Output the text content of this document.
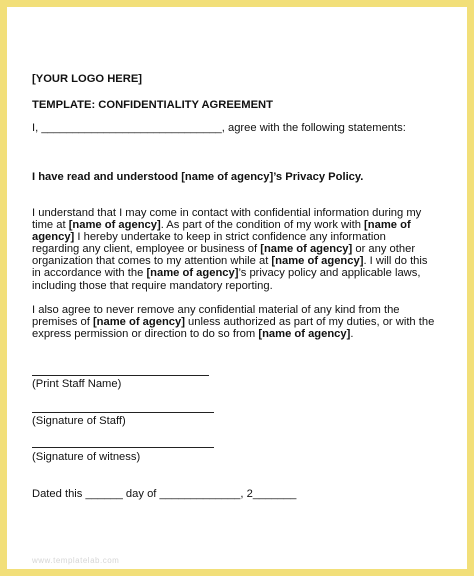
[YOUR LOGO HERE]
TEMPLATE: CONFIDENTIALITY AGREEMENT
I, _____________________________, agree with the following statements:
I have read and understood [name of agency]’s Privacy Policy.
I understand that I may come in contact with confidential information during my
time at [name of agency]. As part of the condition of my work with [name of
agency] I hereby undertake to keep in strict confidence any information
regarding any client, employee or business of [name of agency] or any other
organization that comes to my attention while at [name of agency]. I will do this
in accordance with the [name of agency]’s privacy policy and applicable laws,
including those that require mandatory reporting.
I also agree to never remove any confidential material of any kind from the
premises of [name of agency] unless authorized as part of my duties, or with the
express permission or direction to do so from [name of agency].
(Print Staff Name)
(Signature of Staff)
(Signature of witness)
Dated this ______ day of _____________, 2_______
www.templatelab.com
